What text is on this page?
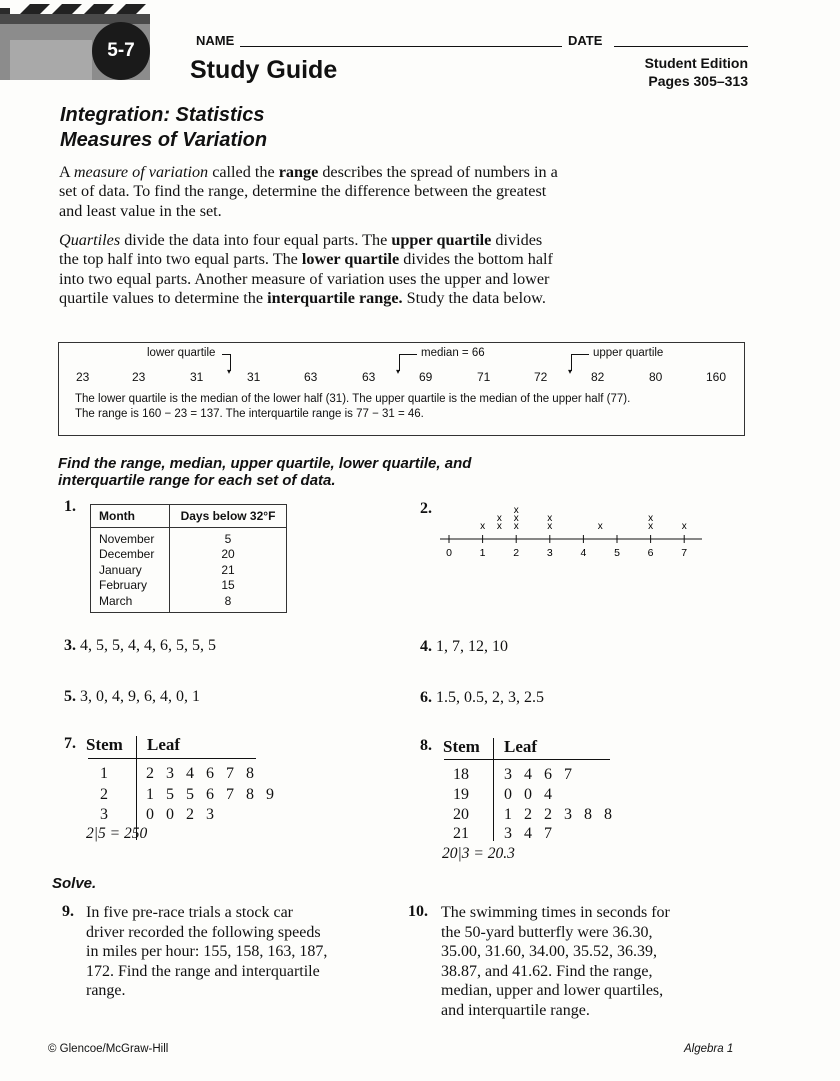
5-7	NAME	DATE
Study Guide	Student Edition
Pages 305–313
Integration: Statistics
Measures of Variation
A measure of variation called the range describes the spread of numbers in a set of data. To find the range, determine the difference between the greatest and least value in the set.
Quartiles divide the data into four equal parts. The upper quartile divides the top half into two equal parts. The lower quartile divides the bottom half into two equal parts. Another measure of variation uses the upper and lower quartile values to determine the interquartile range. Study the data below.
lower quartile
▾	▾
median = 66
▾
upper quartile
23	23	31	31	63	63	69	71	72	82	80	160
The lower quartile is the median of the lower half (31). The upper quartile is the median of the upper half (77).
The range is 160 − 23 = 137. The interquartile range is 77 − 31 = 46.
Find the range, median, upper quartile, lower quartile, and
interquartile range for each set of data.
1.
Month	Days below 32°F

November	5
December	20
January	21
February	15
March	8
2.
0	1	2	3	4	5	6	7
x x
x
x
x
x
x
x
x	x
x
x
3. 4, 5, 5, 4, 4, 6, 5, 5, 5	4. 1, 7, 12, 10
5. 3, 0, 4, 9, 6, 4, 0, 1	6. 1.5, 0.5, 2, 3, 2.5
7. Stem Leaf
1 2 3 4 6 7 8
2 1 5 5 6 7 8 9
3 0 0 2 3
2|5 = 250
8. Stem Leaf
18 3 4 6 7
19 0 0 4
20 1 2 2 3 8 8
21 3 4 7
20|3 = 20.3
Solve.
9. In five pre-race trials a stock car
driver recorded the following speeds
in miles per hour: 155, 158, 163, 187,
172. Find the range and interquartile
range.
10. The swimming times in seconds for
the 50-yard butterfly were 36.30,
35.00, 31.60, 34.00, 35.52, 36.39,
38.87, and 41.62. Find the range,
median, upper and lower quartiles,
and interquartile range.
© Glencoe/McGraw-Hill	Algebra 1
